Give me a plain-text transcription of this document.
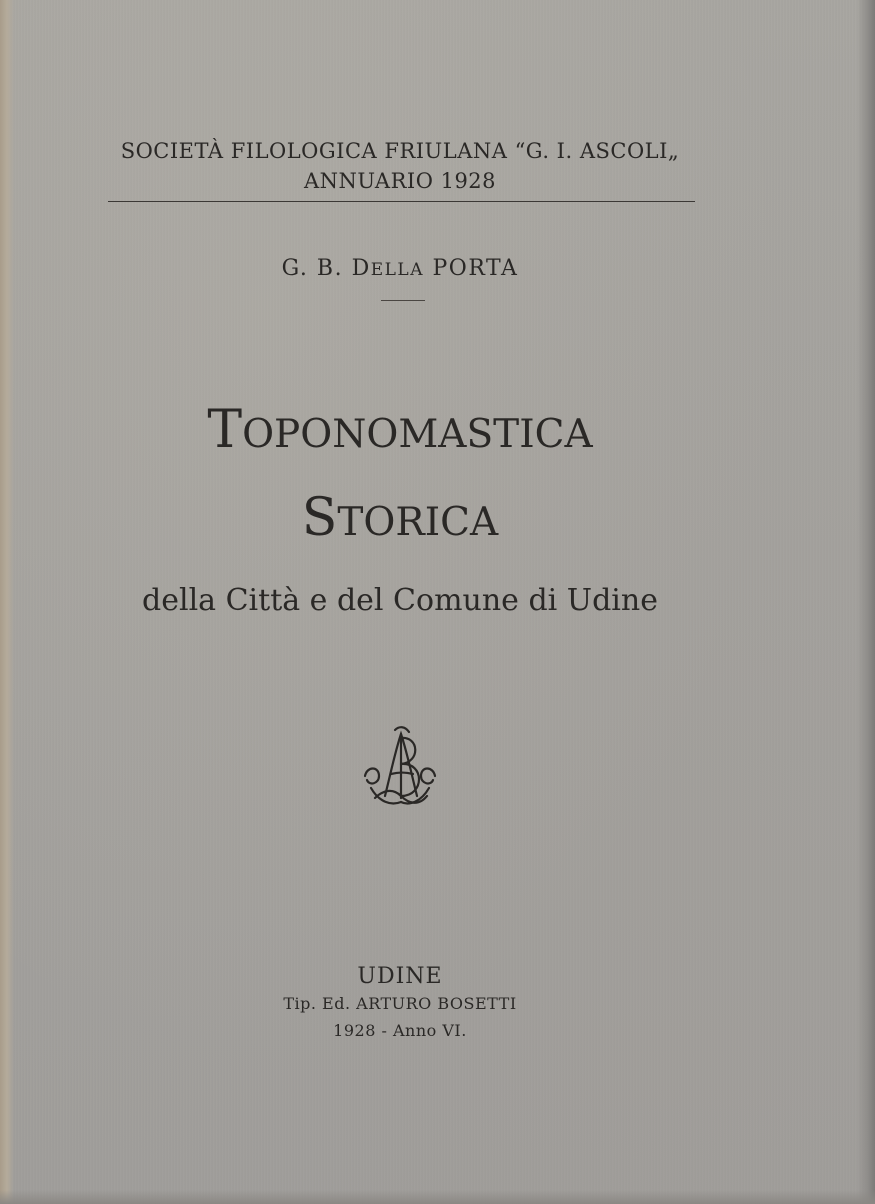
SOCIETÀ FILOLOGICA FRIULANA “G. I. ASCOLI„
ANNUARIO 1928
G. B. DELLA PORTA
TOPONOMASTICA
STORICA
della Città e del Comune di Udine
UDINE
Tip. Ed. ARTURO BOSETTI
1928 - Anno VI.
